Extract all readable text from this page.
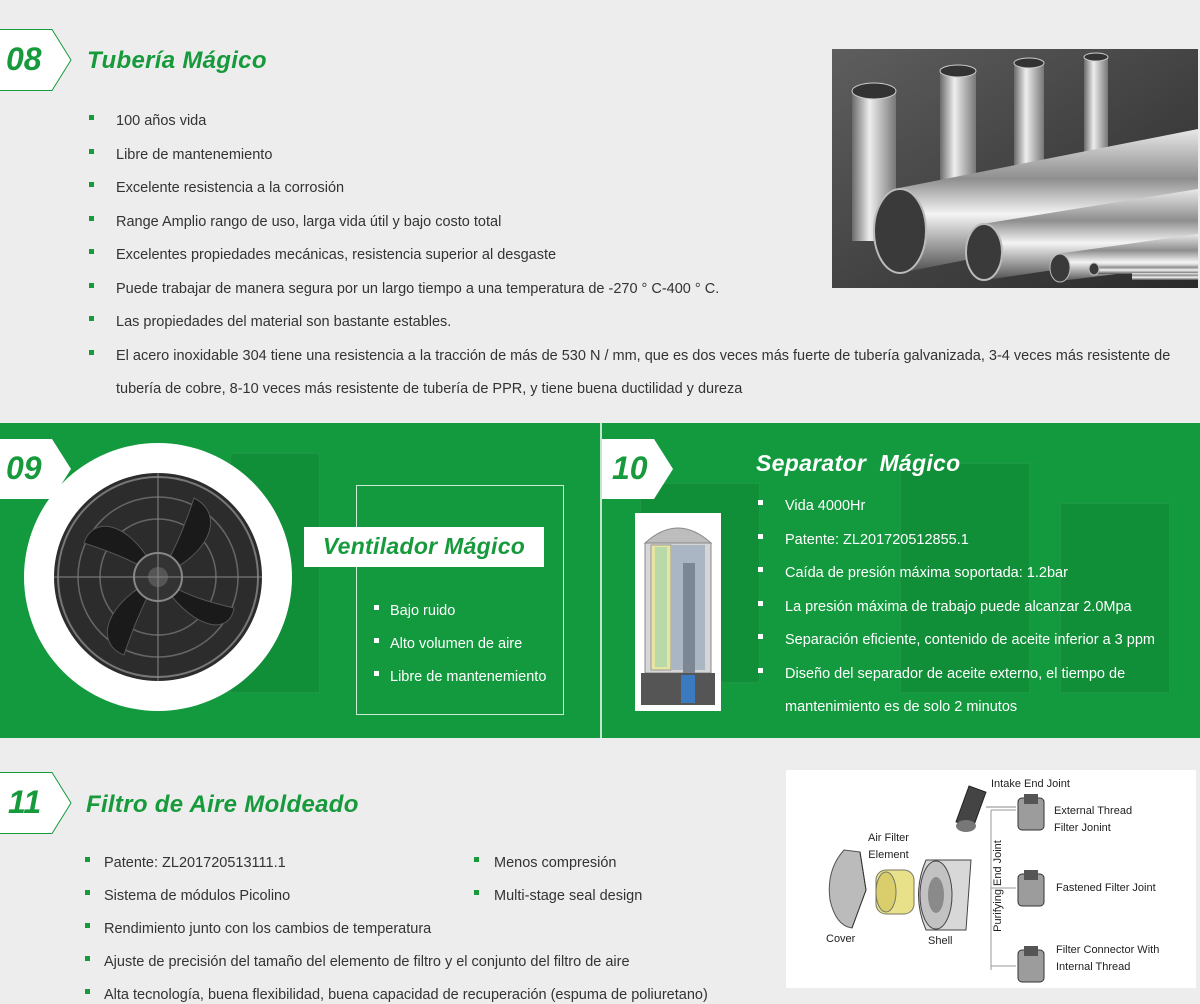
08 Tubería Mágico
100 años vida
Libre de mantenemiento
Excelente resistencia a la corrosión
Range Amplio rango de uso, larga vida útil y bajo costo total
Excelentes propiedades mecánicas, resistencia superior al desgaste
Puede trabajar de manera segura por un largo tiempo a una temperatura de -270 ° C-400 ° C.
Las propiedades del material son bastante estables.
El acero inoxidable 304 tiene una resistencia a la tracción de más de 530 N / mm, que es dos veces más fuerte de tubería galvanizada, 3-4 veces más resistente de tubería de cobre, 8-10 veces más resistente de tubería de PPR, y tiene buena ductilidad y dureza
09
Ventilador Mágico
Bajo ruido
Alto volumen de aire
Libre de mantenemiento
10	Separator  Mágico
Vida 4000Hr
Patente: ZL201720512855.1
Caída de presión máxima soportada: 1.2bar
La presión máxima de trabajo puede alcanzar 2.0Mpa
Separación eficiente, contenido de aceite inferior a 3 ppm
Diseño del separador de aceite externo, el tiempo de mantenimiento es de solo 2 minutos
11 Filtro de Aire Moldeado
Patente: ZL201720513111.1
Sistema de módulos Picolino
Menos compresión
Multi-stage seal design
Rendimiento junto con los cambios de temperatura
Ajuste de precisión del tamaño del elemento de filtro y el conjunto del filtro de aire
Alta tecnología, buena flexibilidad, buena capacidad de recuperación (espuma de poliuretano)
Intake End Joint
External Thread
Filter Jonint
Air Filter
Element	Purifying End Joint	Fastened Filter Joint
Cover	Shell
Filter Connector With
Internal Thread
